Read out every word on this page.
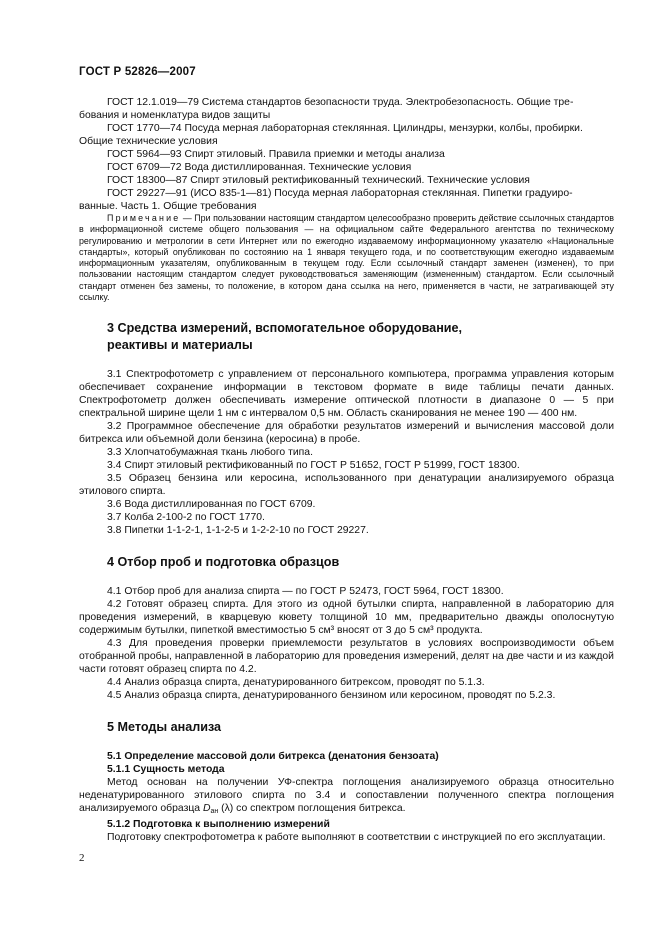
ГОСТ Р 52826—2007

ГОСТ 12.1.019—79 Система стандартов безопасности труда. Электробезопасность. Общие тре-

бования и номенклатура видов защиты

ГОСТ 1770—74 Посуда мерная лабораторная стеклянная. Цилиндры, мензурки, колбы, пробирки.

Общие технические условия

ГОСТ 5964—93 Спирт этиловый. Правила приемки и методы анализа

ГОСТ 6709—72 Вода дистиллированная. Технические условия

ГОСТ 18300—87 Спирт этиловый ректификованный технический. Технические условия

ГОСТ 29227—91 (ИСО 835-1—81) Посуда мерная лабораторная стеклянная. Пипетки градуиро-

ванные. Часть 1. Общие требования

Примечание — При пользовании настоящим стандартом целесообразно проверить действие ссылочных стандартов в информационной системе общего пользования — на официальном сайте Федерального агентства по техническому регулированию и метрологии в сети Интернет или по ежегодно издаваемому информационному указателю «Национальные стандарты», который опубликован по состоянию на 1 января текущего года, и по соответствующим ежегодно издаваемым информационным указателям, опубликованным в текущем году. Если ссылочный стандарт заменен (изменен), то при пользовании настоящим стандартом следует руководствоваться заменяющим (измененным) стандартом. Если ссылочный стандарт отменен без замены, то положение, в котором дана ссылка на него, применяется в части, не затрагивающей эту ссылку.

3 Средства измерений, вспомогательное оборудование,
реактивы и материалы

3.1 Спектрофотометр с управлением от персонального компьютера, программа управления которым обеспечивает сохранение информации в текстовом формате в виде таблицы печати данных. Спектрофотометр должен обеспечивать измерение оптической плотности в диапазоне 0 — 5 при спектральной ширине щели 1 нм с интервалом 0,5 нм. Область сканирования не менее 190 — 400 нм.

3.2 Программное обеспечение для обработки результатов измерений и вычисления массовой доли битрекса или объемной доли бензина (керосина) в пробе.

3.3 Хлопчатобумажная ткань любого типа.

3.4 Спирт этиловый ректификованный по ГОСТ Р 51652, ГОСТ Р 51999, ГОСТ 18300.

3.5 Образец бензина или керосина, использованного при денатурации анализируемого образца этилового спирта.

3.6 Вода дистиллированная по ГОСТ 6709.

3.7 Колба 2-100-2 по ГОСТ 1770.

3.8 Пипетки 1-1-2-1, 1-1-2-5 и 1-2-2-10 по ГОСТ 29227.

4 Отбор проб и подготовка образцов

4.1 Отбор проб для анализа спирта — по ГОСТ Р 52473, ГОСТ 5964, ГОСТ 18300.

4.2 Готовят образец спирта. Для этого из одной бутылки спирта, направленной в лабораторию для проведения измерений, в кварцевую кювету толщиной 10 мм, предварительно дважды ополоснутую содержимым бутылки, пипеткой вместимостью 5 см³ вносят от 3 до 5 см³ продукта.

4.3 Для проведения проверки приемлемости результатов в условиях воспроизводимости объем отобранной пробы, направленной в лабораторию для проведения измерений, делят на две части и из каждой части готовят образец спирта по 4.2.

4.4 Анализ образца спирта, денатурированного битрексом, проводят по 5.1.3.

4.5 Анализ образца спирта, денатурированного бензином или керосином, проводят по 5.2.3.

5 Методы анализа

5.1 Определение массовой доли битрекса (денатония бензоата)

5.1.1 Сущность метода

Метод основан на получении УФ-спектра поглощения анализируемого образца относительно неденатурированного этилового спирта по 3.4 и сопоставлении полученного спектра поглощения анализируемого образца Dан (λ) со спектром поглощения битрекса.

5.1.2 Подготовка к выполнению измерений

Подготовку спектрофотометра к работе выполняют в соответствии с инструкцией по его эксплуатации.

2
